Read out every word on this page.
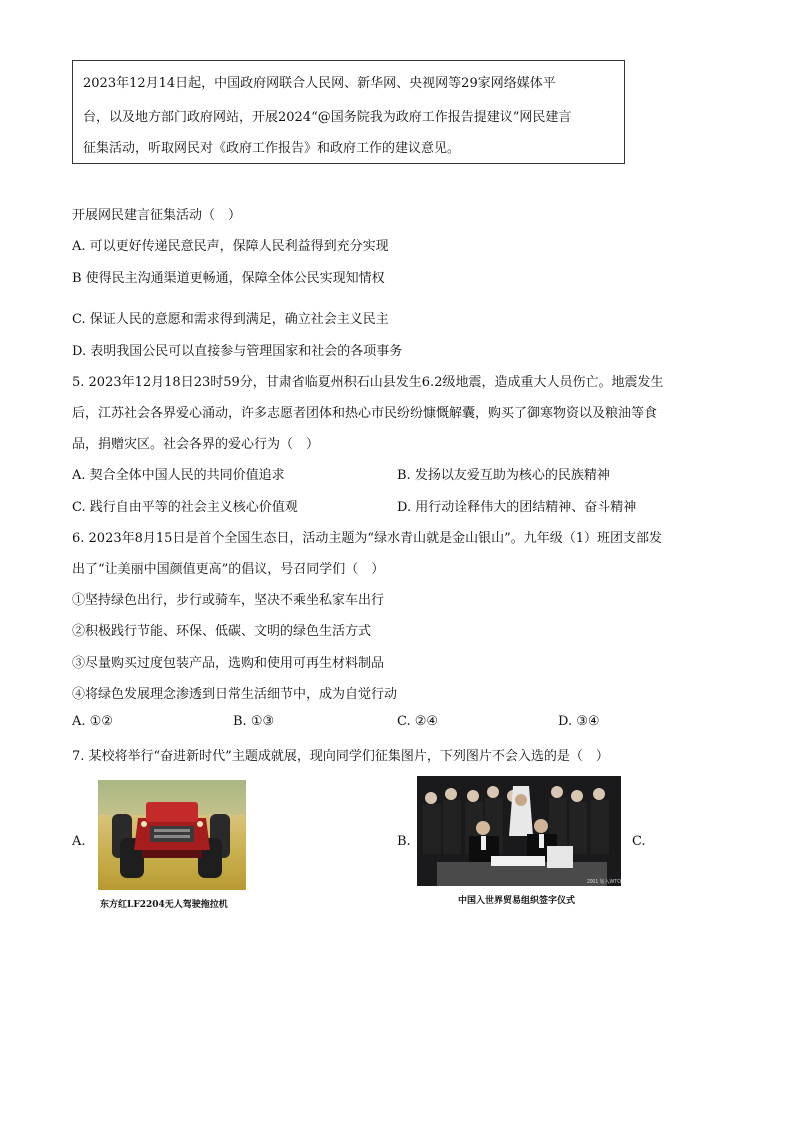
2023年12月14日起，中国政府网联合人民网、新华网、央视网等29家网络媒体平

台，以及地方部门政府网站，开展2024“@国务院我为政府工作报告提建议”网民建言

征集活动，听取网民对《政府工作报告》和政府工作的建议意见。

开展网民建言征集活动（　）
A. 可以更好传递民意民声，保障人民利益得到充分实现
B 使得民主沟通渠道更畅通，保障全体公民实现知情权
C. 保证人民的意愿和需求得到满足，确立社会主义民主
D. 表明我国公民可以直接参与管理国家和社会的各项事务
5. 2023年12月18日23时59分，甘肃省临夏州积石山县发生6.2级地震，造成重大人员伤亡。地震发生
后，江苏社会各界爱心涌动，许多志愿者团体和热心市民纷纷慷慨解囊，购买了御寒物资以及粮油等食
品，捐赠灾区。社会各界的爱心行为（　）
A. 契合全体中国人民的共同价值追求	B. 发扬以友爱互助为核心的民族精神
C. 践行自由平等的社会主义核心价值观	D. 用行动诠释伟大的团结精神、奋斗精神
6. 2023年8月15日是首个全国生态日，活动主题为“绿水青山就是金山银山”。九年级（1）班团支部发
出了“让美丽中国颜值更高”的倡议，号召同学们（　）
①坚持绿色出行，步行或骑车，坚决不乘坐私家车出行
②积极践行节能、环保、低碳、文明的绿色生活方式
③尽量购买过度包装产品，选购和使用可再生材料制品
④将绿色发展理念渗透到日常生活细节中，成为自觉行动
A. ①②	B. ①③	C. ②④	D. ③④
7. 某校将举行“奋进新时代”主题成就展，现向同学们征集图片，下列图片不会入选的是（　）
A.
东方红LF2204无人驾驶拖拉机
B.
2001 加入WTO
中国入世界贸易组织签字仪式
C.
